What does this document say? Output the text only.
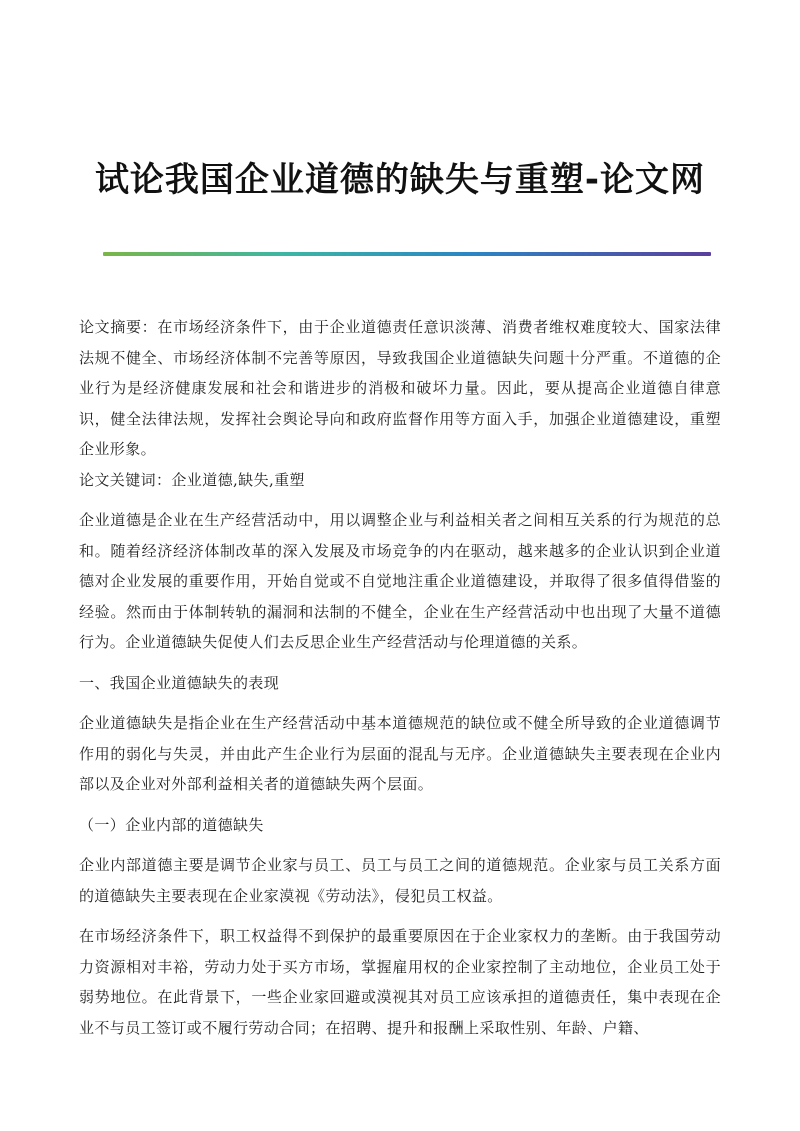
试论我国企业道德的缺失与重塑-论文网

论文摘要：在市场经济条件下，由于企业道德责任意识淡薄、消费者维权难度较大、国家法律法规不健全、市场经济体制不完善等原因，导致我国企业道德缺失问题十分严重。不道德的企业行为是经济健康发展和社会和谐进步的消极和破坏力量。因此，要从提高企业道德自律意识，健全法律法规，发挥社会舆论导向和政府监督作用等方面入手，加强企业道德建设，重塑企业形象。

论文关键词：企业道德,缺失,重塑

企业道德是企业在生产经营活动中，用以调整企业与利益相关者之间相互关系的行为规范的总和。随着经济经济体制改革的深入发展及市场竞争的内在驱动，越来越多的企业认识到企业道德对企业发展的重要作用，开始自觉或不自觉地注重企业道德建设，并取得了很多值得借鉴的经验。然而由于体制转轨的漏洞和法制的不健全，企业在生产经营活动中也出现了大量不道德行为。企业道德缺失促使人们去反思企业生产经营活动与伦理道德的关系。

一、我国企业道德缺失的表现

企业道德缺失是指企业在生产经营活动中基本道德规范的缺位或不健全所导致的企业道德调节作用的弱化与失灵，并由此产生企业行为层面的混乱与无序。企业道德缺失主要表现在企业内部以及企业对外部利益相关者的道德缺失两个层面。

（一）企业内部的道德缺失

企业内部道德主要是调节企业家与员工、员工与员工之间的道德规范。企业家与员工关系方面的道德缺失主要表现在企业家漠视《劳动法》，侵犯员工权益。

在市场经济条件下，职工权益得不到保护的最重要原因在于企业家权力的垄断。由于我国劳动力资源相对丰裕，劳动力处于买方市场，掌握雇用权的企业家控制了主动地位，企业员工处于弱势地位。在此背景下，一些企业家回避或漠视其对员工应该承担的道德责任，集中表现在企业不与员工签订或不履行劳动合同；在招聘、提升和报酬上采取性别、年龄、户籍、
